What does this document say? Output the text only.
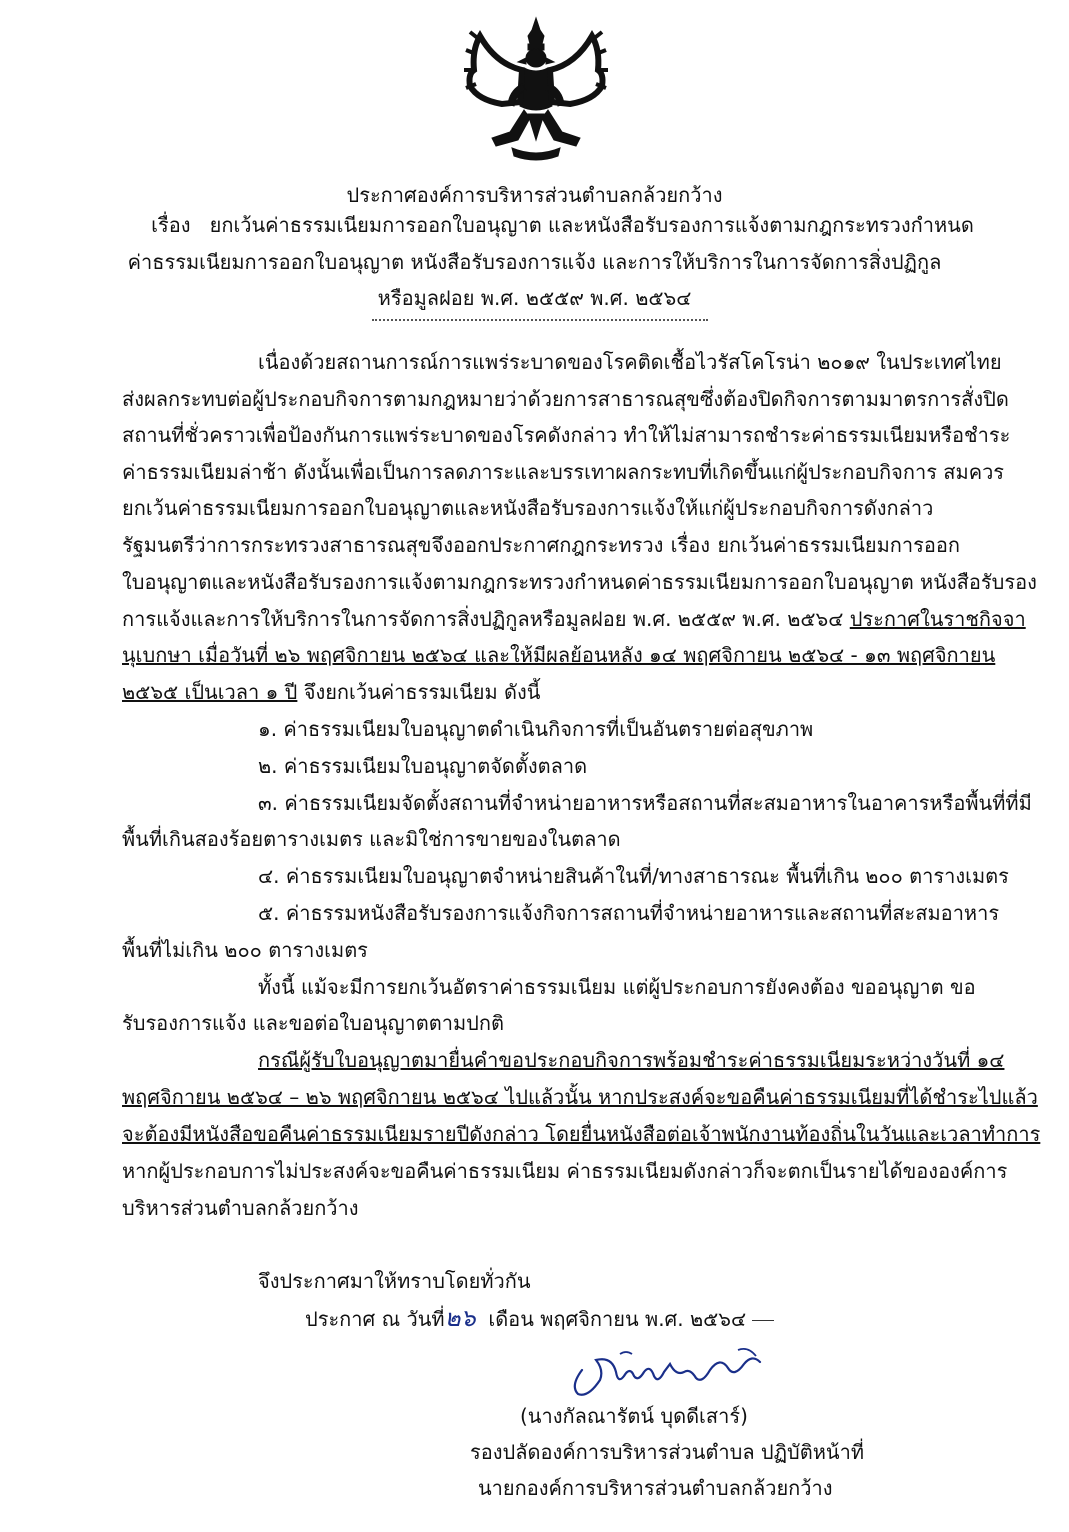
ประกาศองค์การบริหารส่วนตำบลกล้วยกว้าง
เรื่อง ยกเว้นค่าธรรมเนียมการออกใบอนุญาต และหนังสือรับรองการแจ้งตามกฎกระทรวงกำหนด
ค่าธรรมเนียมการออกใบอนุญาต หนังสือรับรองการแจ้ง และการให้บริการในการจัดการสิ่งปฏิกูล
หรือมูลฝอย พ.ศ. ๒๕๕๙ พ.ศ. ๒๕๖๔
เนื่องด้วยสถานการณ์การแพร่ระบาดของโรคติดเชื้อไวรัสโคโรน่า ๒๐๑๙ ในประเทศไทย
ส่งผลกระทบต่อผู้ประกอบกิจการตามกฎหมายว่าด้วยการสาธารณสุขซึ่งต้องปิดกิจการตามมาตรการสั่งปิด
สถานที่ชั่วคราวเพื่อป้องกันการแพร่ระบาดของโรคดังกล่าว ทำให้ไม่สามารถชำระค่าธรรมเนียมหรือชำระ
ค่าธรรมเนียมล่าช้า ดังนั้นเพื่อเป็นการลดภาระและบรรเทาผลกระทบที่เกิดขึ้นแก่ผู้ประกอบกิจการ สมควร
ยกเว้นค่าธรรมเนียมการออกใบอนุญาตและหนังสือรับรองการแจ้งให้แก่ผู้ประกอบกิจการดังกล่าว
รัฐมนตรีว่าการกระทรวงสาธารณสุขจึงออกประกาศกฎกระทรวง เรื่อง ยกเว้นค่าธรรมเนียมการออก
ใบอนุญาตและหนังสือรับรองการแจ้งตามกฎกระทรวงกำหนดค่าธรรมเนียมการออกใบอนุญาต หนังสือรับรอง
การแจ้งและการให้บริการในการจัดการสิ่งปฏิกูลหรือมูลฝอย พ.ศ. ๒๕๕๙ พ.ศ. ๒๕๖๔ ประกาศในราชกิจจา
นุเบกษา เมื่อวันที่ ๒๖ พฤศจิกายน ๒๕๖๔ และให้มีผลย้อนหลัง ๑๔ พฤศจิกายน ๒๕๖๔ - ๑๓ พฤศจิกายน
๒๕๖๕ เป็นเวลา ๑ ปี จึงยกเว้นค่าธรรมเนียม ดังนี้
๑. ค่าธรรมเนียมใบอนุญาตดำเนินกิจการที่เป็นอันตรายต่อสุขภาพ
๒. ค่าธรรมเนียมใบอนุญาตจัดตั้งตลาด
๓. ค่าธรรมเนียมจัดตั้งสถานที่จำหน่ายอาหารหรือสถานที่สะสมอาหารในอาคารหรือพื้นที่ที่มี
พื้นที่เกินสองร้อยตารางเมตร และมิใช่การขายของในตลาด
๔. ค่าธรรมเนียมใบอนุญาตจำหน่ายสินค้าในที่/ทางสาธารณะ พื้นที่เกิน ๒๐๐ ตารางเมตร
๕. ค่าธรรมหนังสือรับรองการแจ้งกิจการสถานที่จำหน่ายอาหารและสถานที่สะสมอาหาร
พื้นที่ไม่เกิน ๒๐๐ ตารางเมตร
ทั้งนี้ แม้จะมีการยกเว้นอัตราค่าธรรมเนียม แต่ผู้ประกอบการยังคงต้อง ขออนุญาต ขอ
รับรองการแจ้ง และขอต่อใบอนุญาตตามปกติ
กรณีผู้รับใบอนุญาตมายื่นคำขอประกอบกิจการพร้อมชำระค่าธรรมเนียมระหว่างวันที่ ๑๔
พฤศจิกายน ๒๕๖๔ – ๒๖ พฤศจิกายน ๒๕๖๔ ไปแล้วนั้น หากประสงค์จะขอคืนค่าธรรมเนียมที่ได้ชำระไปแล้ว
จะต้องมีหนังสือขอคืนค่าธรรมเนียมรายปีดังกล่าว โดยยื่นหนังสือต่อเจ้าพนักงานท้องถิ่นในวันและเวลาทำการ
หากผู้ประกอบการไม่ประสงค์จะขอคืนค่าธรรมเนียม ค่าธรรมเนียมดังกล่าวก็จะตกเป็นรายได้ขององค์การ
บริหารส่วนตำบลกล้วยกว้าง
จึงประกาศมาให้ทราบโดยทั่วกัน
ประกาศ ณ วันที่๒๖ เดือน พฤศจิกายน พ.ศ. ๒๕๖๔
(นางกัลณารัตน์ บุดดีเสาร์)
รองปลัดองค์การบริหารส่วนตำบล ปฏิบัติหน้าที่
นายกองค์การบริหารส่วนตำบลกล้วยกว้าง
